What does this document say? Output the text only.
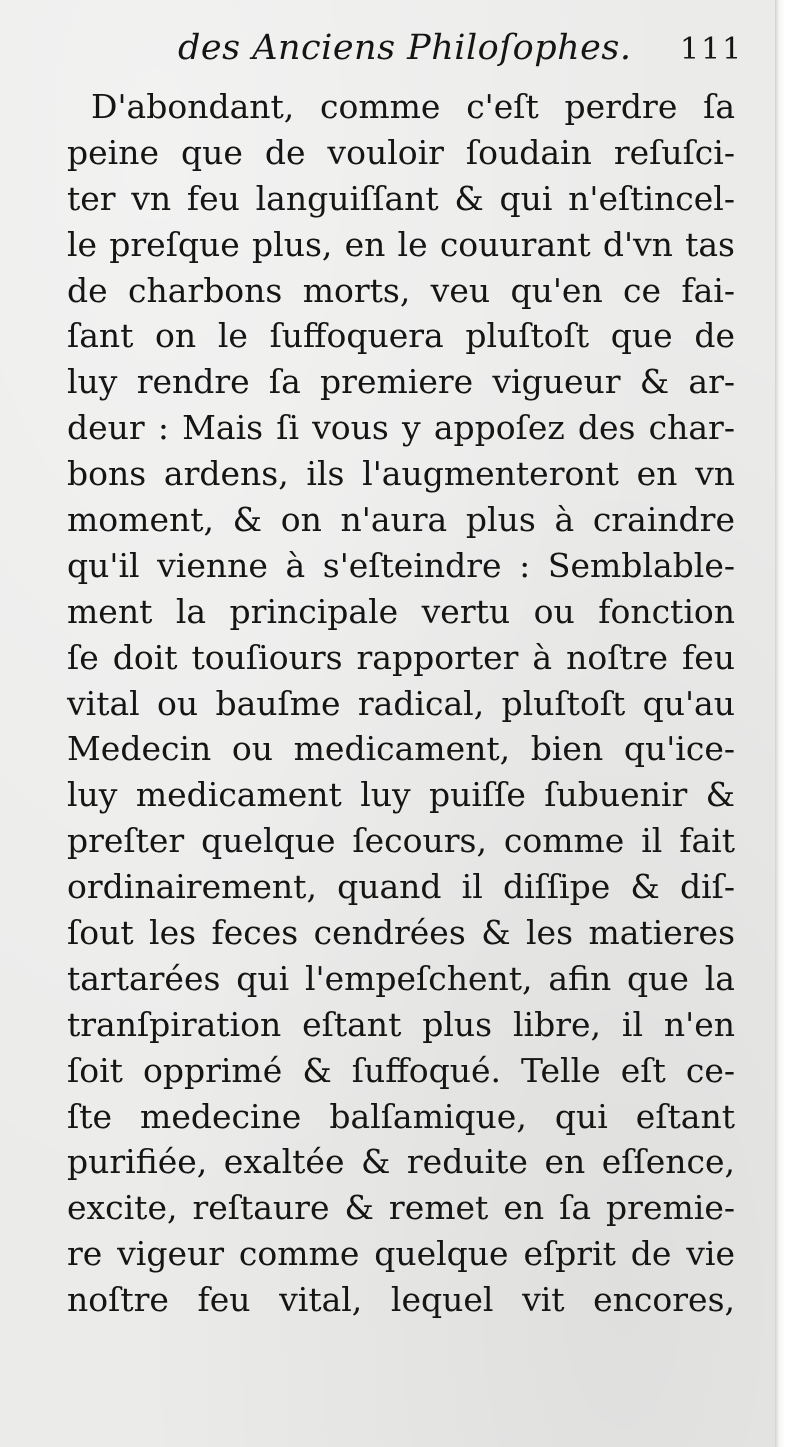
des Anciens Philoſophes. 111
D'abondant, comme c'eſt perdre ſa
peine que de vouloir ſoudain reſuſci-
ter vn feu languiſſant & qui n'eſtincel-
le preſque plus, en le couurant d'vn tas
de charbons morts, veu qu'en ce fai-
ſant on le ſuffoquera pluſtoſt que de
luy rendre ſa premiere vigueur & ar-
deur : Mais ſi vous y appoſez des char-
bons ardens, ils l'augmenteront en vn
moment, & on n'aura plus à craindre
qu'il vienne à s'eſteindre : Semblable-
ment la principale vertu ou fonction
ſe doit touſiours rapporter à noſtre feu
vital ou bauſme radical, pluſtoſt qu'au
Medecin ou medicament, bien qu'ice-
luy medicament luy puiſſe ſubuenir &
preſter quelque ſecours, comme il fait
ordinairement, quand il diſſipe & diſ-
ſout les feces cendrées & les matieres
tartarées qui l'empeſchent, afin que la
tranſpiration eſtant plus libre, il n'en
ſoit opprimé & ſuffoqué. Telle eſt ce-
ſte medecine balſamique, qui eſtant
purifiée, exaltée & reduite en eſſence,
excite, reſtaure & remet en ſa premie-
re vigeur comme quelque eſprit de vie
noſtre feu vital, lequel vit encores,
